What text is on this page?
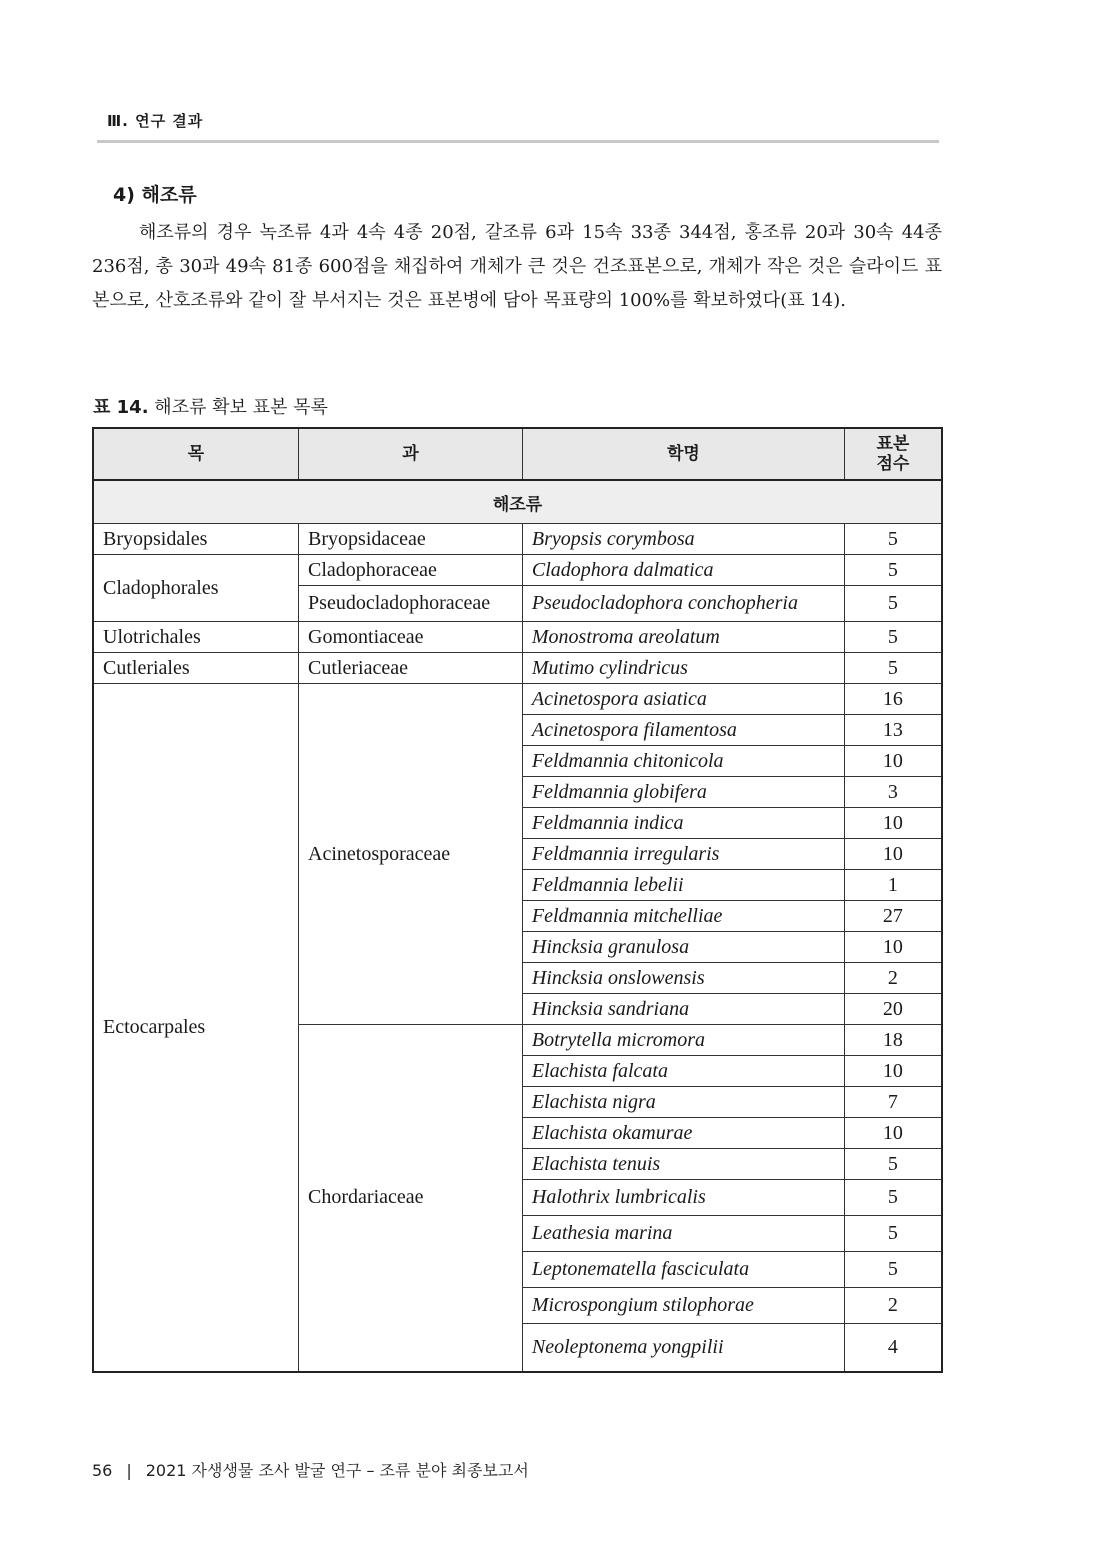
Ⅲ. 연구 결과
4) 해조류

해조류의 경우 녹조류 4과 4속 4종 20점, 갈조류 6과 15속 33종 344점, 홍조류 20과 30속 44종 236점, 총 30과 49속 81종 600점을 채집하여 개체가 큰 것은 건조표본으로, 개체가 작은 것은 슬라이드 표본으로, 산호조류와 같이 잘 부서지는 것은 표본병에 담아 목표량의 100%를 확보하였다(표 14).

표 14. 해조류 확보 표본 목록
목	과	학명	표본
점수
해조류			
Bryopsidales	Bryopsidaceae	Bryopsis corymbosa	5
Cladophorales	Cladophoraceae	Cladophora dalmatica	5
	Pseudocladophoraceae	Pseudocladophora conchopheria	5
Ulotrichales	Gomontiaceae	Monostroma areolatum	5
Cutleriales	Cutleriaceae	Mutimo cylindricus	5
Ectocarpales	Acinetosporaceae	Acinetospora asiatica	16
		Acinetospora filamentosa	13
		Feldmannia chitonicola	10
		Feldmannia globifera	3
		Feldmannia indica	10
		Feldmannia irregularis	10
		Feldmannia lebelii	1
		Feldmannia mitchelliae	27
		Hincksia granulosa	10
		Hincksia onslowensis	2
		Hincksia sandriana	20
	Chordariaceae	Botrytella micromora	18
		Elachista falcata	10
		Elachista nigra	7
		Elachista okamurae	10
		Elachista tenuis	5
		Halothrix lumbricalis	5
		Leathesia marina	5
		Leptonematella fasciculata	5
		Microspongium stilophorae	2
		Neoleptonema yongpilii	4
56 | 2021 자생생물 조사 발굴 연구 – 조류 분야 최종보고서
